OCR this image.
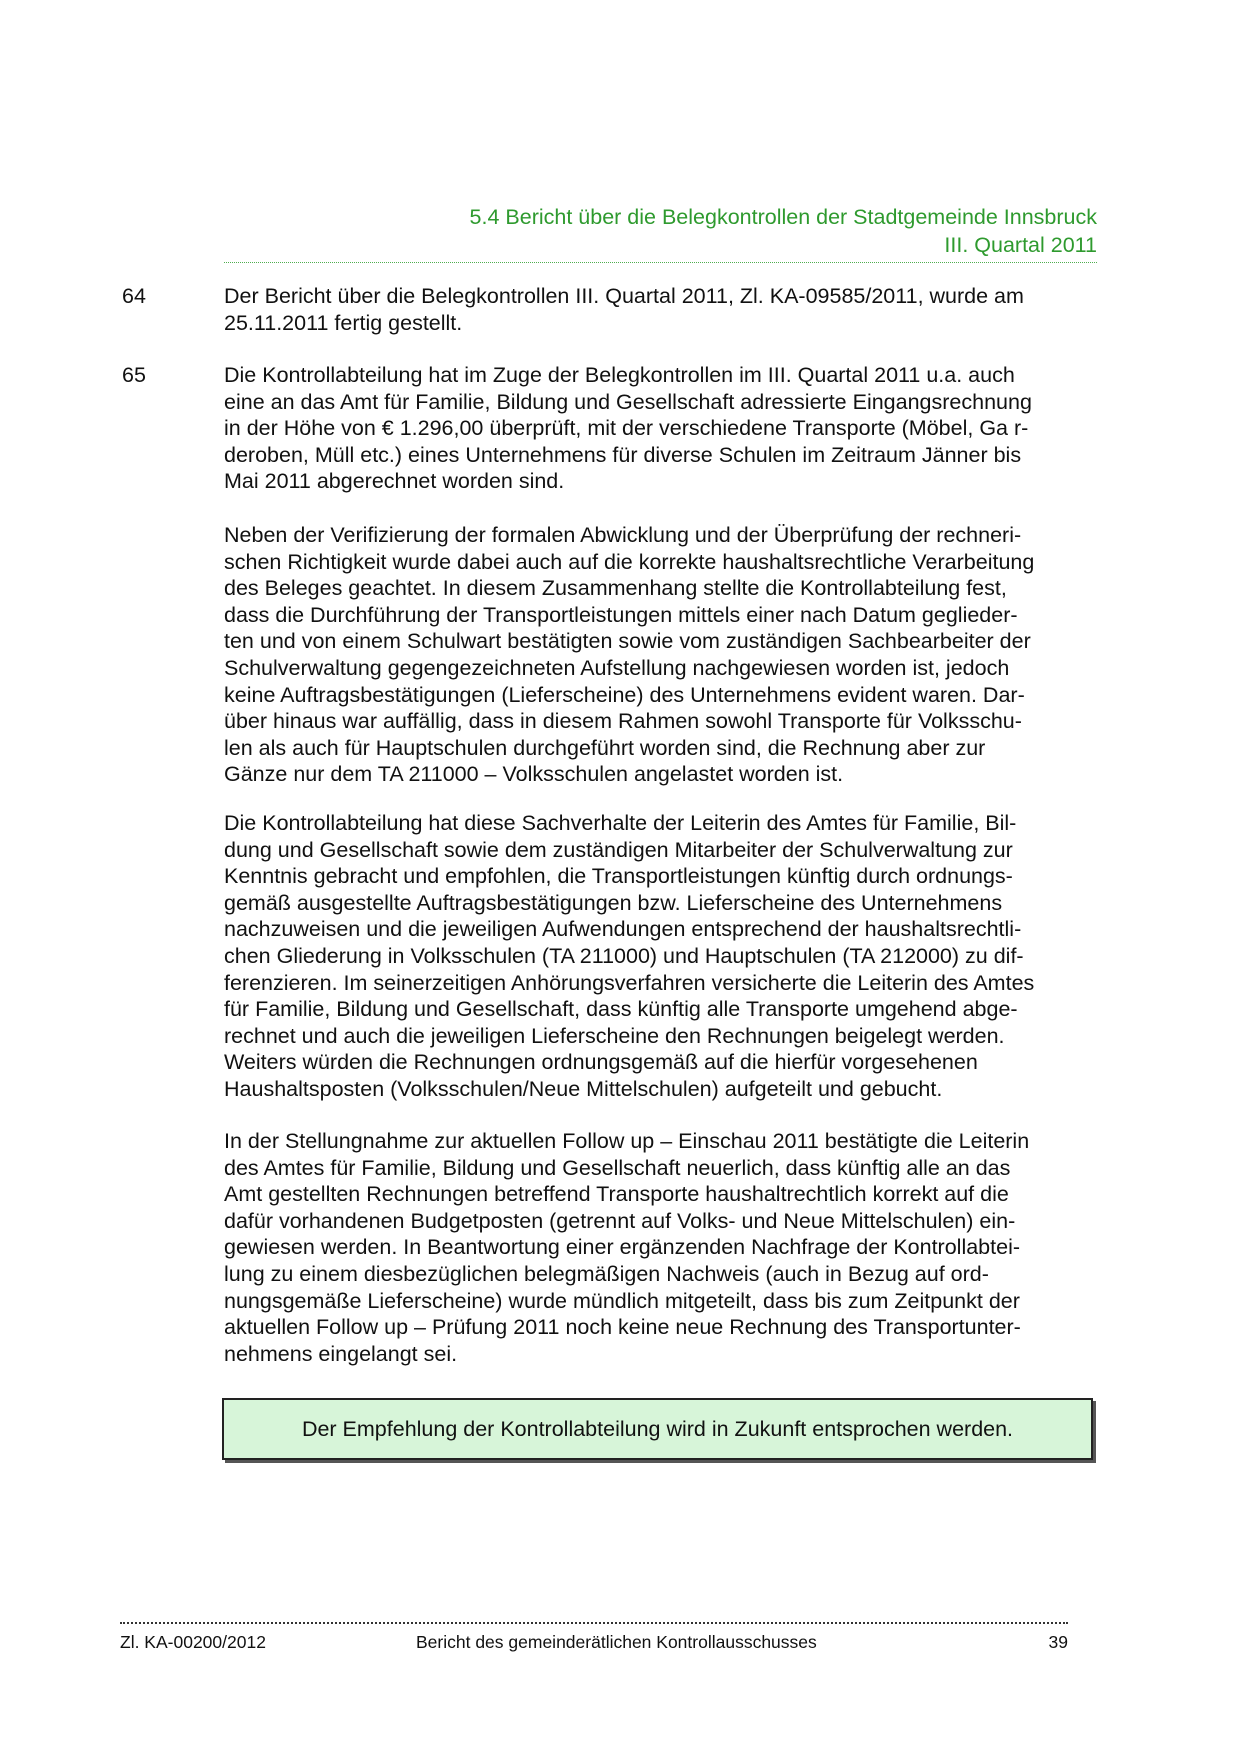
5.4 Bericht über die Belegkontrollen der Stadtgemeinde Innsbruck
III. Quartal 2011
64	Der Bericht über die Belegkontrollen III. Quartal 2011, Zl. KA-09585/2011, wurde am
25.11.2011 fertig gestellt.
65	Die Kontrollabteilung hat im Zuge der Belegkontrollen im III. Quartal 2011 u.a. auch
eine an das Amt für Familie, Bildung und Gesellschaft adressierte Eingangsrechnung
in der Höhe von € 1.296,00 überprüft, mit der verschiedene Transporte (Möbel, Ga r-
deroben, Müll etc.) eines Unternehmens für diverse Schulen im Zeitraum Jänner bis
Mai 2011 abgerechnet worden sind.
Neben der Verifizierung der formalen Abwicklung und der Überprüfung der rechneri-
schen Richtigkeit wurde dabei auch auf die korrekte haushaltsrechtliche Verarbeitung
des Beleges geachtet. In diesem Zusammenhang stellte die Kontrollabteilung fest,
dass die Durchführung der Transportleistungen mittels einer nach Datum geglieder-
ten und von einem Schulwart bestätigten sowie vom zuständigen Sachbearbeiter der
Schulverwaltung gegengezeichneten Aufstellung nachgewiesen worden ist, jedoch
keine Auftragsbestätigungen (Lieferscheine) des Unternehmens evident waren. Dar-
über hinaus war auffällig, dass in diesem Rahmen sowohl Transporte für Volksschu-
len als auch für Hauptschulen durchgeführt worden sind, die Rechnung aber zur
Gänze nur dem TA 211000 – Volksschulen angelastet worden ist.
Die Kontrollabteilung hat diese Sachverhalte der Leiterin des Amtes für Familie, Bil-
dung und Gesellschaft sowie dem zuständigen Mitarbeiter der Schulverwaltung zur
Kenntnis gebracht und empfohlen, die Transportleistungen künftig durch ordnungs-
gemäß ausgestellte Auftragsbestätigungen bzw. Lieferscheine des Unternehmens
nachzuweisen und die jeweiligen Aufwendungen entsprechend der haushaltsrechtli-
chen Gliederung in Volksschulen (TA 211000) und Hauptschulen (TA 212000) zu dif-
ferenzieren. Im seinerzeitigen Anhörungsverfahren versicherte die Leiterin des Amtes
für Familie, Bildung und Gesellschaft, dass künftig alle Transporte umgehend abge-
rechnet und auch die jeweiligen Lieferscheine den Rechnungen beigelegt werden.
Weiters würden die Rechnungen ordnungsgemäß auf die hierfür vorgesehenen
Haushaltsposten (Volksschulen/Neue Mittelschulen) aufgeteilt und gebucht.
In der Stellungnahme zur aktuellen Follow up – Einschau 2011 bestätigte die Leiterin
des Amtes für Familie, Bildung und Gesellschaft neuerlich, dass künftig alle an das
Amt gestellten Rechnungen betreffend Transporte haushaltrechtlich korrekt auf die
dafür vorhandenen Budgetposten (getrennt auf Volks- und Neue Mittelschulen) ein-
gewiesen werden. In Beantwortung einer ergänzenden Nachfrage der Kontrollabtei-
lung zu einem diesbezüglichen belegmäßigen Nachweis (auch in Bezug auf ord-
nungsgemäße Lieferscheine) wurde mündlich mitgeteilt, dass bis zum Zeitpunkt der
aktuellen Follow up – Prüfung 2011 noch keine neue Rechnung des Transportunter-
nehmens eingelangt sei.
Der Empfehlung der Kontrollabteilung wird in Zukunft entsprochen werden.
Zl. KA-00200/2012	Bericht des gemeinderätlichen Kontrollausschusses	39
